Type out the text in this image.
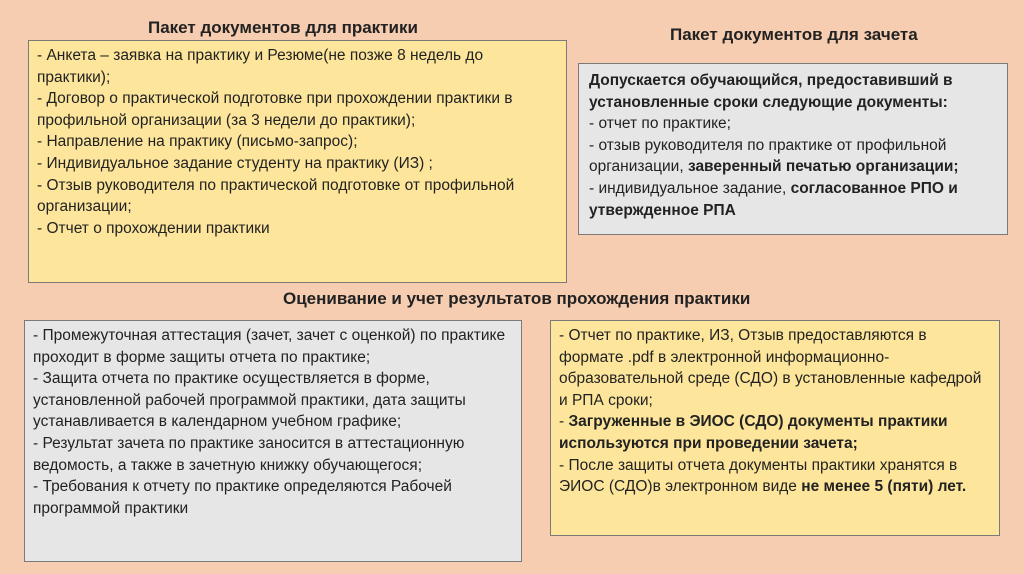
Пакет документов для практики	Пакет документов для зачета

- Анкета – заявка на практику и Резюме(не позже 8 недель до практики);

- Договор о практической подготовке при прохождении практики в профильной организации (за 3 недели до практики);

- Направление на практику (письмо-запрос);

- Индивидуальное задание студенту на практику (ИЗ) ;

- Отзыв руководителя по практической подготовке от профильной организации;

- Отчет о прохождении практики

Допускается обучающийся, предоставивший в установленные сроки следующие документы:

- отчет по практике;

- отзыв руководителя по практике от профильной организации, заверенный печатью организации;

- индивидуальное задание, согласованное РПО и утвержденное РПА

Оценивание и учет результатов прохождения практики

- Промежуточная аттестация (зачет, зачет с оценкой) по практике проходит в форме защиты отчета по практике;

- Защита отчета по практике осуществляется в форме, установленной рабочей программой практики, дата защиты устанавливается в календарном учебном графике;

- Результат зачета по практике заносится в аттестационную ведомость, а также в зачетную книжку обучающегося;

- Требования к отчету по практике определяются Рабочей программой практики

- Отчет по практике, ИЗ, Отзыв предоставляются в формате .pdf в электронной информационно-образовательной среде (СДО) в установленные кафедрой и РПА сроки;

- Загруженные в ЭИОС (СДО) документы практики используются при проведении зачета;

- После защиты отчета документы практики хранятся в ЭИОС (СДО)в электронном виде не менее 5 (пяти) лет.
